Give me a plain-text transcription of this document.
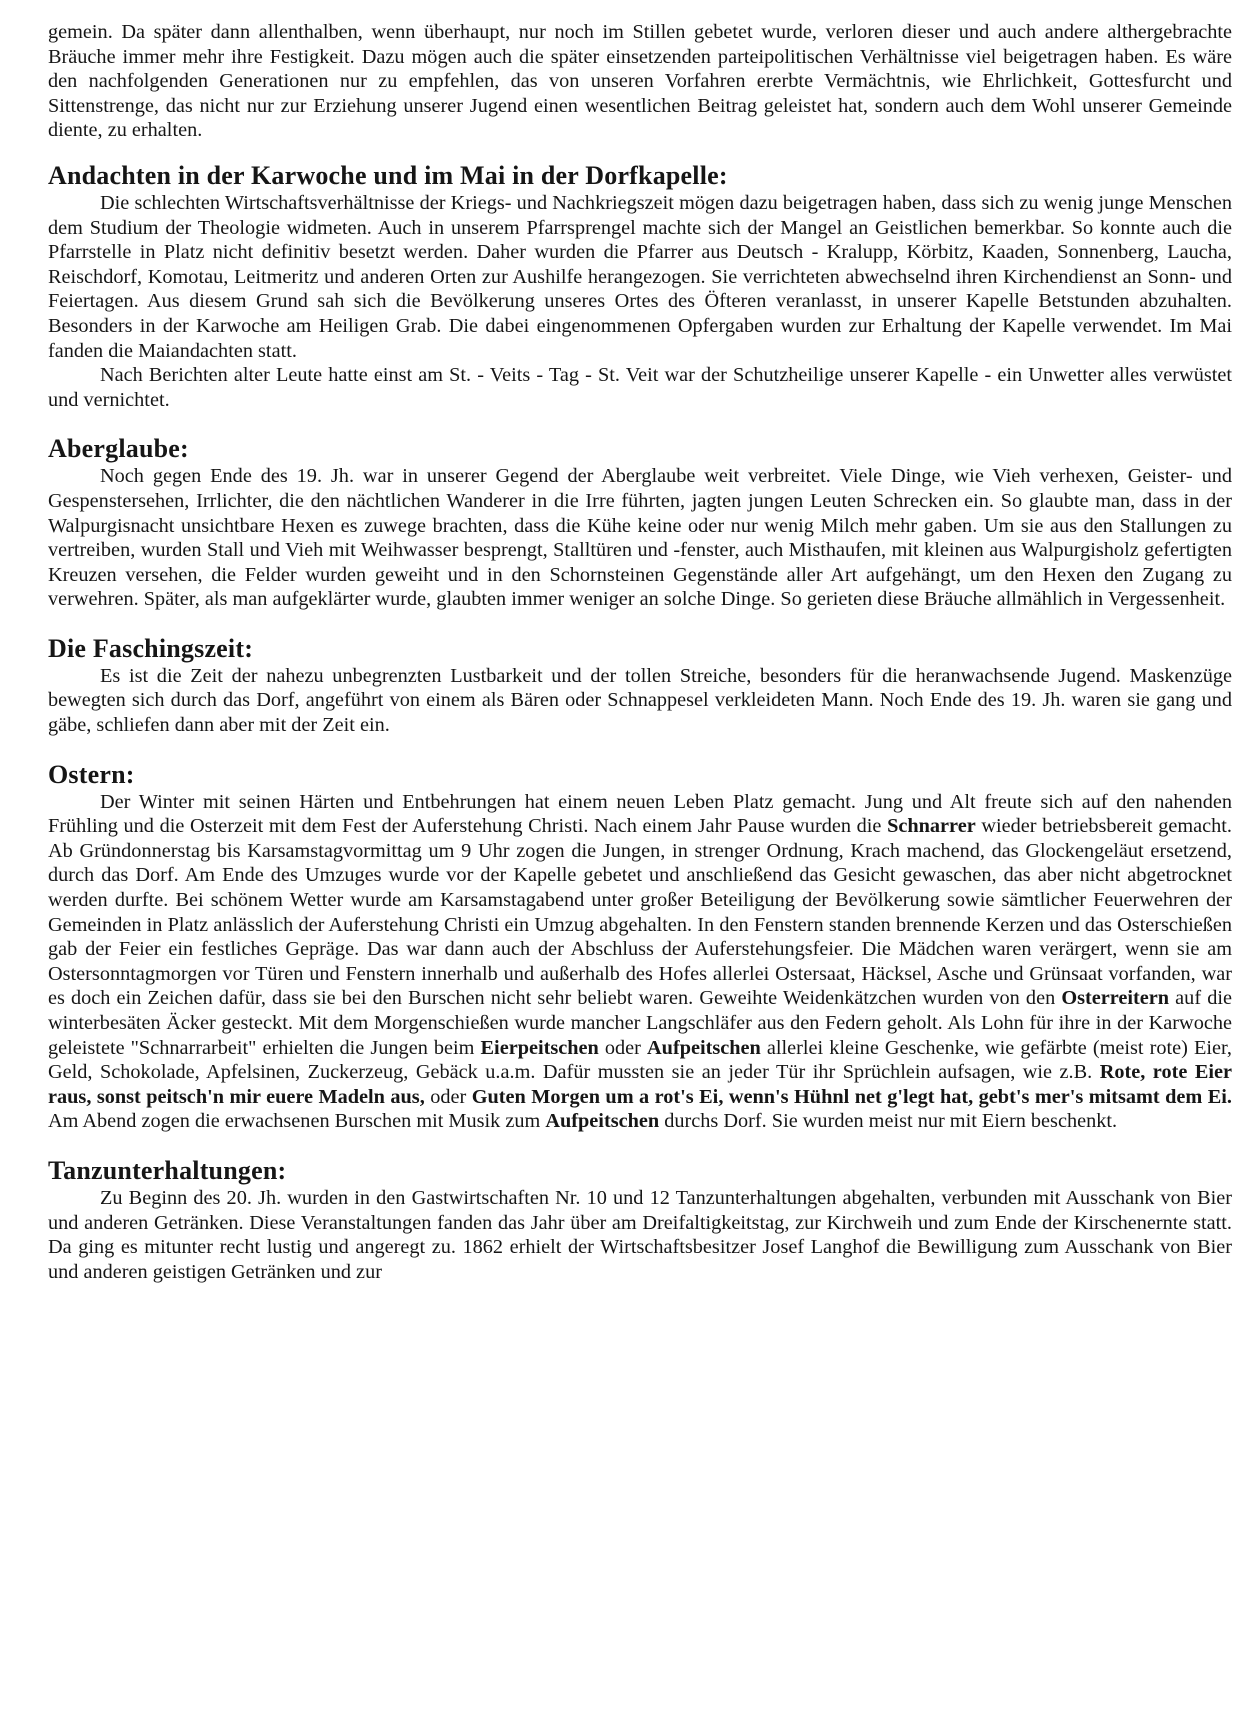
gemein. Da später dann allenthalben, wenn überhaupt, nur noch im Stillen gebetet wurde, verloren dieser und auch andere althergebrachte Bräuche immer mehr ihre Festigkeit. Dazu mögen auch die später einsetzenden parteipolitischen Verhältnisse viel beigetragen haben. Es wäre den nachfolgenden Generationen nur zu empfehlen, das von unseren Vorfahren ererbte Vermächtnis, wie Ehrlichkeit, Gottesfurcht und Sittenstrenge, das nicht nur zur Erziehung unserer Jugend einen wesentlichen Beitrag geleistet hat, sondern auch dem Wohl unserer Gemeinde diente, zu erhalten.

Andachten in der Karwoche und im Mai in der Dorfkapelle:

Die schlechten Wirtschaftsverhältnisse der Kriegs- und Nachkriegszeit mögen dazu beigetragen haben, dass sich zu wenig junge Menschen dem Studium der Theologie widmeten. Auch in unserem Pfarrsprengel machte sich der Mangel an Geistlichen bemerkbar. So konnte auch die Pfarrstelle in Platz nicht definitiv besetzt werden. Daher wurden die Pfarrer aus Deutsch - Kralupp, Körbitz, Kaaden, Sonnenberg, Laucha, Reischdorf, Komotau, Leitmeritz und anderen Orten zur Aushilfe herangezogen. Sie verrichteten abwechselnd ihren Kirchendienst an Sonn- und Feiertagen. Aus diesem Grund sah sich die Bevölkerung unseres Ortes des Öfteren veranlasst, in unserer Kapelle Betstunden abzuhalten. Besonders in der Karwoche am Heiligen Grab. Die dabei eingenommenen Opfergaben wurden zur Erhaltung der Kapelle verwendet. Im Mai fanden die Maiandachten statt.

Nach Berichten alter Leute hatte einst am St. - Veits - Tag - St. Veit war der Schutzheilige unserer Kapelle - ein Unwetter alles verwüstet und vernichtet.

Aberglaube:

Noch gegen Ende des 19. Jh. war in unserer Gegend der Aberglaube weit verbreitet. Viele Dinge, wie Vieh verhexen, Geister- und Gespenstersehen, Irrlichter, die den nächtlichen Wanderer in die Irre führten, jagten jungen Leuten Schrecken ein. So glaubte man, dass in der Walpurgisnacht unsichtbare Hexen es zuwege brachten, dass die Kühe keine oder nur wenig Milch mehr gaben. Um sie aus den Stallungen zu vertreiben, wurden Stall und Vieh mit Weihwasser besprengt, Stalltüren und -fenster, auch Misthaufen, mit kleinen aus Walpurgisholz gefertigten Kreuzen versehen, die Felder wurden geweiht und in den Schornsteinen Gegenstände aller Art aufgehängt, um den Hexen den Zugang zu verwehren. Später, als man aufgeklärter wurde, glaubten immer weniger an solche Dinge. So gerieten diese Bräuche allmählich in Vergessenheit.

Die Faschingszeit:

Es ist die Zeit der nahezu unbegrenzten Lustbarkeit und der tollen Streiche, besonders für die heranwachsende Jugend. Maskenzüge bewegten sich durch das Dorf, angeführt von einem als Bären oder Schnappesel verkleideten Mann. Noch Ende des 19. Jh. waren sie gang und gäbe, schliefen dann aber mit der Zeit ein.

Ostern:

Der Winter mit seinen Härten und Entbehrungen hat einem neuen Leben Platz gemacht. Jung und Alt freute sich auf den nahenden Frühling und die Osterzeit mit dem Fest der Auferstehung Christi. Nach einem Jahr Pause wurden die Schnarrer wieder betriebsbereit gemacht. Ab Gründonnerstag bis Karsamstagvormittag um 9 Uhr zogen die Jungen, in strenger Ordnung, Krach machend, das Glockengeläut ersetzend, durch das Dorf. Am Ende des Umzuges wurde vor der Kapelle gebetet und anschließend das Gesicht gewaschen, das aber nicht abgetrocknet werden durfte. Bei schönem Wetter wurde am Karsamstagabend unter großer Beteiligung der Bevölkerung sowie sämtlicher Feuerwehren der Gemeinden in Platz anlässlich der Auferstehung Christi ein Umzug abgehalten. In den Fenstern standen brennende Kerzen und das Osterschießen gab der Feier ein festliches Gepräge. Das war dann auch der Abschluss der Auferstehungsfeier. Die Mädchen waren verärgert, wenn sie am Ostersonntagmorgen vor Türen und Fenstern innerhalb und außerhalb des Hofes allerlei Ostersaat, Häcksel, Asche und Grünsaat vorfanden, war es doch ein Zeichen dafür, dass sie bei den Burschen nicht sehr beliebt waren. Geweihte Weidenkätzchen wurden von den Osterreitern auf die winterbesäten Äcker gesteckt. Mit dem Morgenschießen wurde mancher Langschläfer aus den Federn geholt. Als Lohn für ihre in der Karwoche geleistete "Schnarrarbeit" erhielten die Jungen beim Eierpeitschen oder Aufpeitschen allerlei kleine Geschenke, wie gefärbte (meist rote) Eier, Geld, Schokolade, Apfelsinen, Zuckerzeug, Gebäck u.a.m. Dafür mussten sie an jeder Tür ihr Sprüchlein aufsagen, wie z.B. Rote, rote Eier raus, sonst peitsch'n mir euere Madeln aus, oder Guten Morgen um a rot's Ei, wenn's Hühnl net g'legt hat, gebt's mer's mitsamt dem Ei. Am Abend zogen die erwachsenen Burschen mit Musik zum Aufpeitschen durchs Dorf. Sie wurden meist nur mit Eiern beschenkt.

Tanzunterhaltungen:

Zu Beginn des 20. Jh. wurden in den Gastwirtschaften Nr. 10 und 12 Tanzunterhaltungen abgehalten, verbunden mit Ausschank von Bier und anderen Getränken. Diese Veranstaltungen fanden das Jahr über am Dreifaltigkeitstag, zur Kirchweih und zum Ende der Kirschenernte statt. Da ging es mitunter recht lustig und angeregt zu. 1862 erhielt der Wirtschaftsbesitzer Josef Langhof die Bewilligung zum Ausschank von Bier und anderen geistigen Getränken und zur
